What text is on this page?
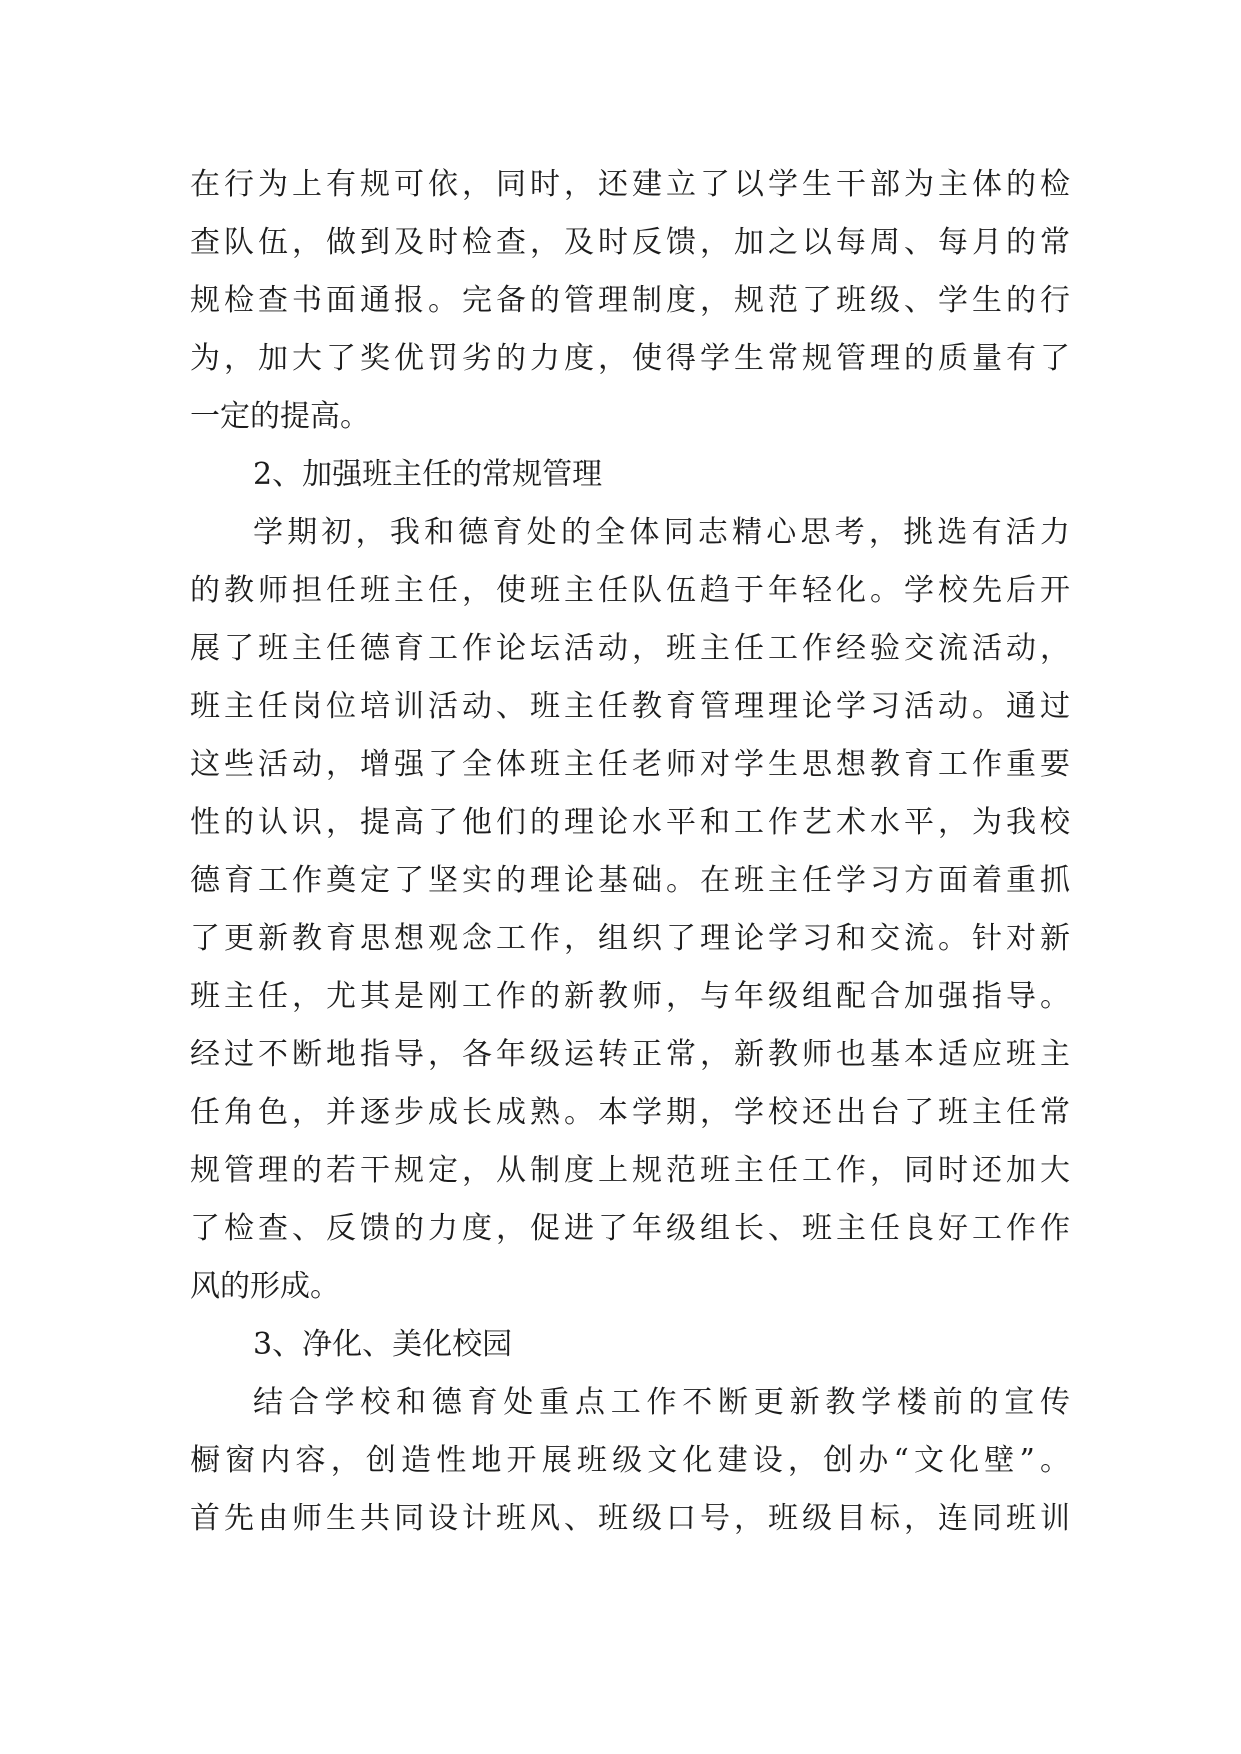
在行为上有规可依，同时，还建立了以学生干部为主体的检
查队伍，做到及时检查，及时反馈，加之以每周、每月的常
规检查书面通报。完备的管理制度，规范了班级、学生的行
为，加大了奖优罚劣的力度，使得学生常规管理的质量有了
一定的提高。
2、加强班主任的常规管理
学期初，我和德育处的全体同志精心思考，挑选有活力
的教师担任班主任，使班主任队伍趋于年轻化。学校先后开
展了班主任德育工作论坛活动，班主任工作经验交流活动，
班主任岗位培训活动、班主任教育管理理论学习活动。通过
这些活动，增强了全体班主任老师对学生思想教育工作重要
性的认识，提高了他们的理论水平和工作艺术水平，为我校
德育工作奠定了坚实的理论基础。在班主任学习方面着重抓
了更新教育思想观念工作，组织了理论学习和交流。针对新
班主任，尤其是刚工作的新教师，与年级组配合加强指导。
经过不断地指导，各年级运转正常，新教师也基本适应班主
任角色，并逐步成长成熟。本学期，学校还出台了班主任常
规管理的若干规定，从制度上规范班主任工作，同时还加大
了检查、反馈的力度，促进了年级组长、班主任良好工作作
风的形成。
3、净化、美化校园
结合学校和德育处重点工作不断更新教学楼前的宣传
橱窗内容，创造性地开展班级文化建设，创办“文化壁”。
首先由师生共同设计班风、班级口号，班级目标，连同班训
